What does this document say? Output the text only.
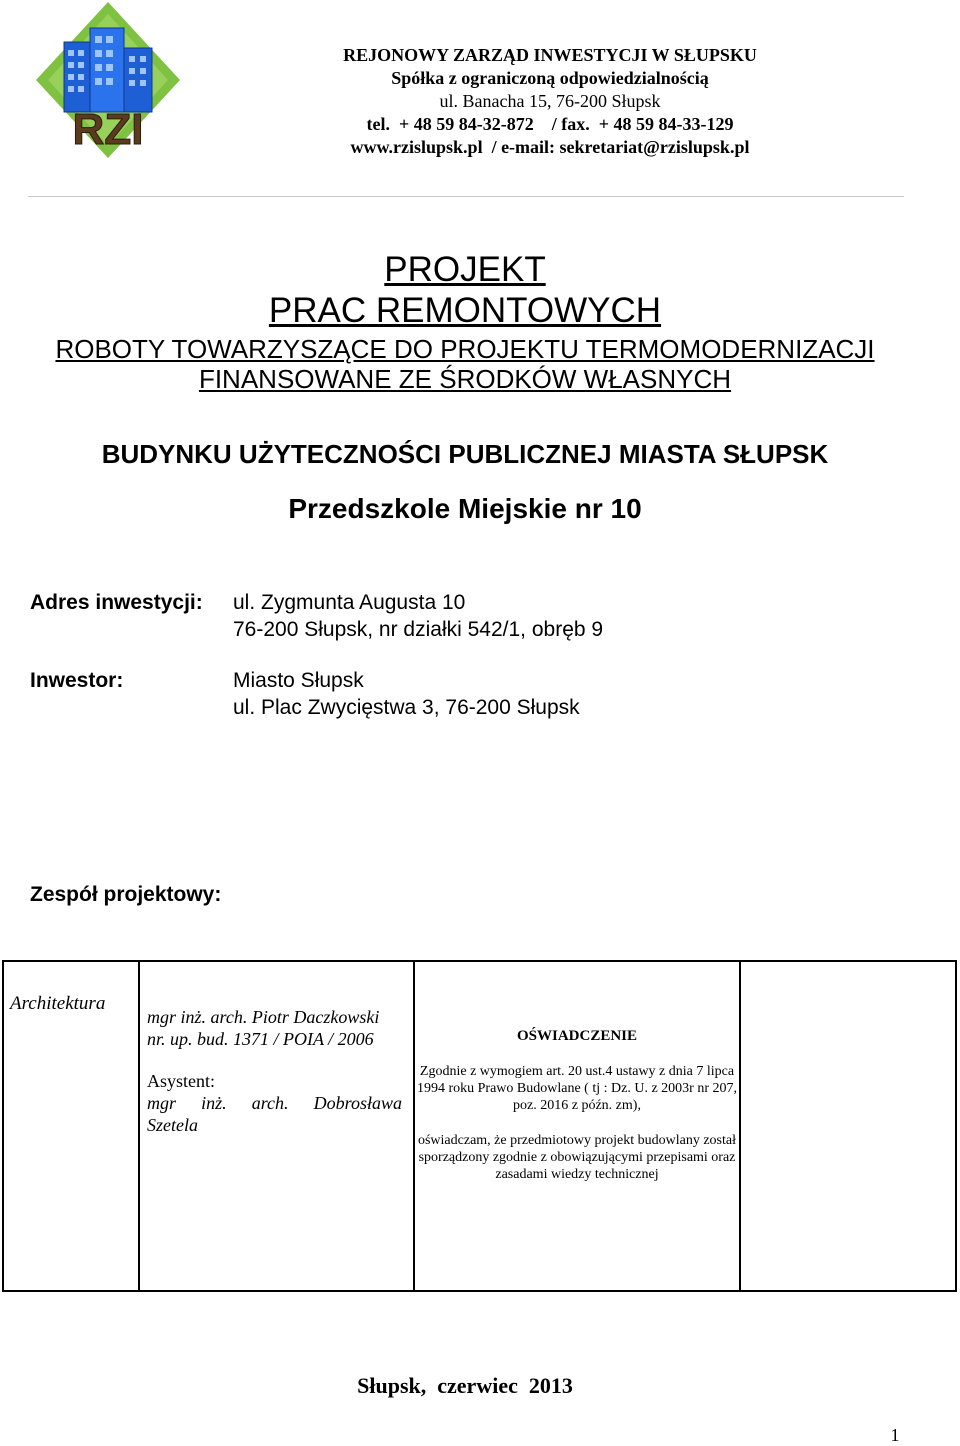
RZI
REJONOWY ZARZĄD INWESTYCJI W SŁUPSKU
Spółka z ograniczoną odpowiedzialnością
ul. Banacha 15, 76-200 Słupsk
tel.  + 48 59 84-32-872    / fax.  + 48 59 84-33-129
www.rzislupsk.pl  / e-mail: sekretariat@rzislupsk.pl
PROJEKT
PRAC REMONTOWYCH
ROBOTY TOWARZYSZĄCE DO PROJEKTU TERMOMODERNIZACJI
FINANSOWANE ZE ŚRODKÓW WŁASNYCH
BUDYNKU UŻYTECZNOŚCI PUBLICZNEJ MIASTA SŁUPSK
Przedszkole Miejskie nr 10
Adres inwestycji: ul. Zygmunta Augusta 10
76-200 Słupsk, nr działki 542/1, obręb 9
Inwestor:	Miasto Słupsk
ul. Plac Zwycięstwa 3, 76-200 Słupsk
Zespół projektowy:
Architektura
mgr inż. arch. Piotr Daczkowski
nr. up. bud. 1371 / POIA / 2006
Asystent:
mgr inż. arch. Dobrosława
Szetela
OŚWIADCZENIE
Zgodnie z wymogiem art. 20 ust.4 ustawy z dnia 7 lipca 1994 roku Prawo Budowlane ( tj : Dz. U. z 2003r nr 207, poz. 2016 z późn. zm),
oświadczam, że przedmiotowy projekt budowlany został sporządzony zgodnie z obowiązującymi przepisami oraz zasadami wiedzy technicznej
Słupsk,  czerwiec  2013
1
